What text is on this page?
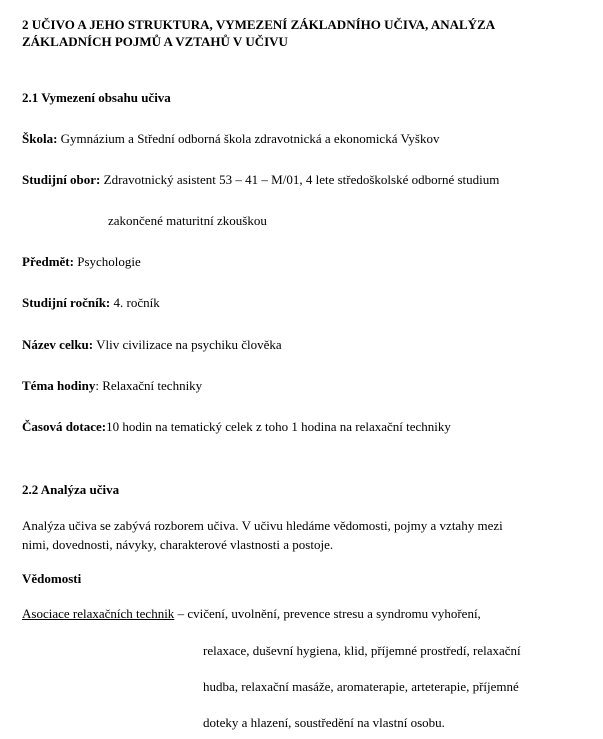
2 UČIVO A JEHO STRUKTURA, VYMEZENÍ ZÁKLADNÍHO UČIVA, ANALÝZA
ZÁKLADNÍCH POJMŮ A VZTAHŮ V UČIVU
2.1 Vymezení obsahu učiva
Škola: Gymnázium a Střední odborná škola zdravotnická a ekonomická Vyškov
Studijní obor: Zdravotnický asistent 53 – 41 – M/01, 4 lete středoškolské odborné studium
zakončené maturitní zkouškou
Předmět: Psychologie
Studijní ročník: 4. ročník
Název celku: Vliv civilizace na psychiku člověka
Téma hodiny: Relaxační techniky
Časová dotace:10 hodin na tematický celek z toho 1 hodina na relaxační techniky
2.2 Analýza učiva
Analýza učiva se zabývá rozborem učiva. V učivu hledáme vědomosti, pojmy a vztahy mezi
nimi, dovednosti, návyky, charakterové vlastnosti a postoje.
Vědomosti
Asociace relaxačních technik – cvičení, uvolnění, prevence stresu a syndromu vyhoření,
relaxace, duševní hygiena, klid, příjemné prostředí, relaxační
hudba, relaxační masáže, aromaterapie, arteterapie, příjemné
doteky a hlazení, soustředění na vlastní osobu.
